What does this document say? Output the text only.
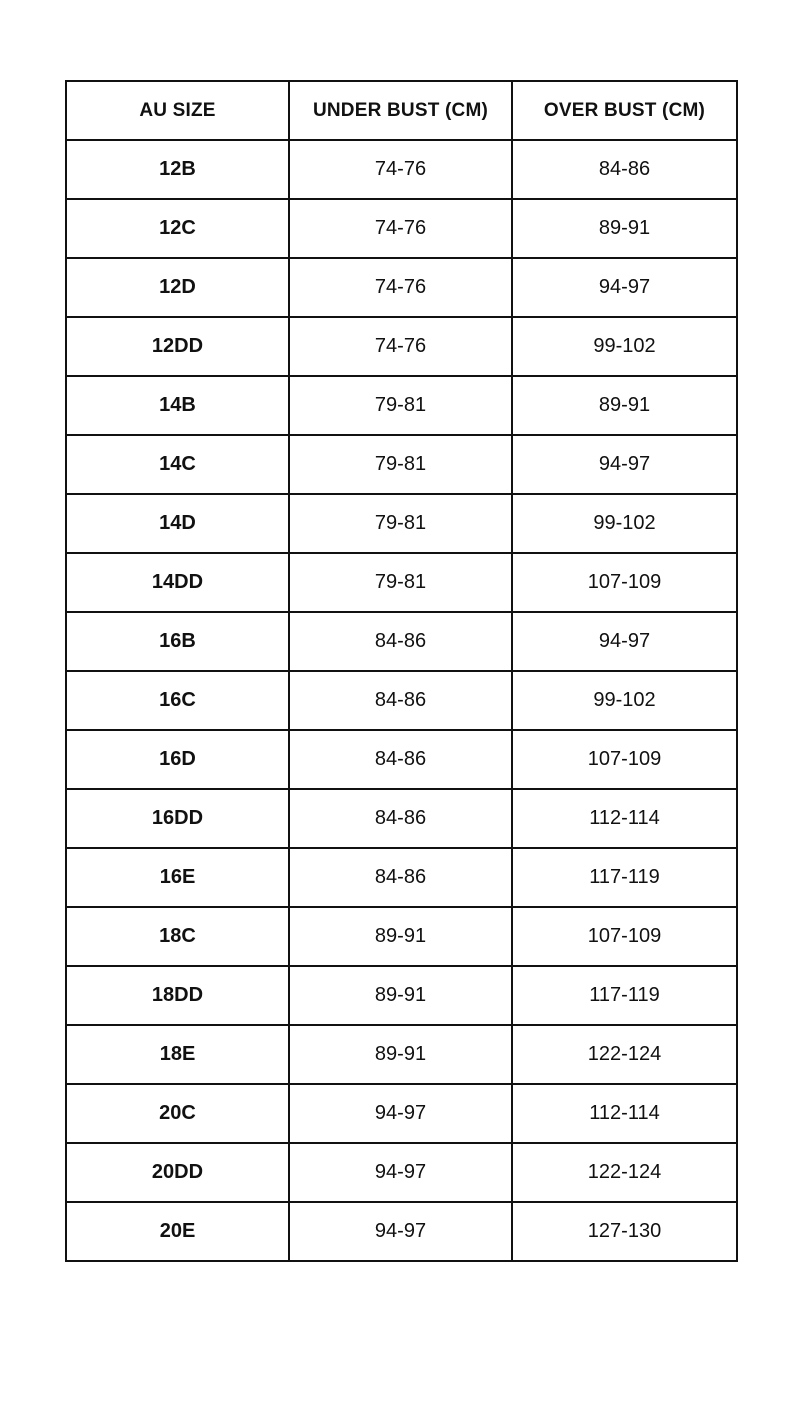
AU SIZE	UNDER BUST (CM)	OVER BUST (CM)
12B	74-76	84-86
12C	74-76	89-91
12D	74-76	94-97
12DD	74-76	99-102
14B	79-81	89-91
14C	79-81	94-97
14D	79-81	99-102
14DD	79-81	107-109
16B	84-86	94-97
16C	84-86	99-102
16D	84-86	107-109
16DD	84-86	112-114
16E	84-86	117-119
18C	89-91	107-109
18DD	89-91	117-119
18E	89-91	122-124
20C	94-97	112-114
20DD	94-97	122-124
20E	94-97	127-130
